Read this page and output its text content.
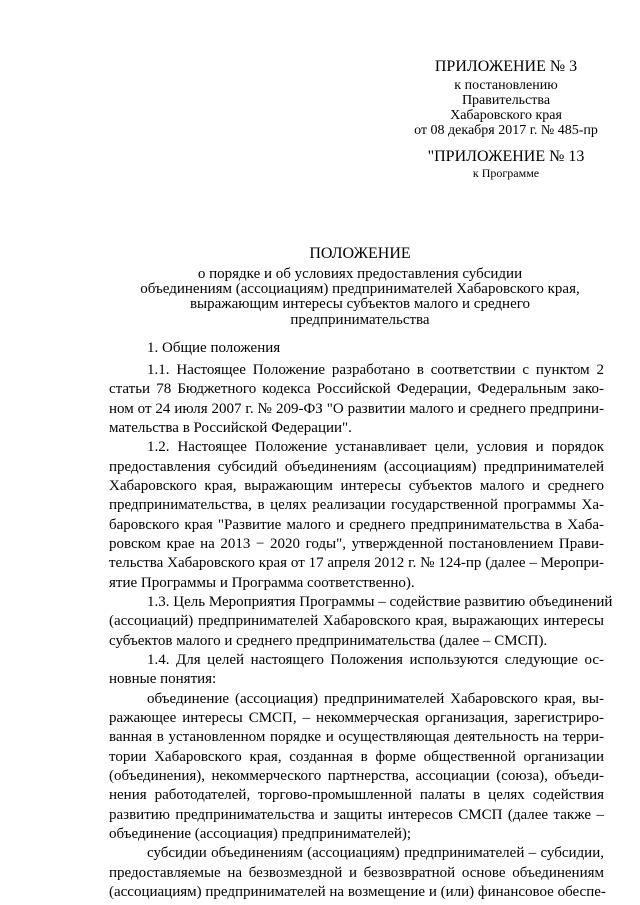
ПРИЛОЖЕНИЕ № 3
к постановлению
Правительства
Хабаровского края
от 08 декабря 2017 г. № 485-пр
"ПРИЛОЖЕНИЕ № 13
к Программе
ПОЛОЖЕНИЕ
о порядке и об условиях предоставления субсидии
объединениям (ассоциациям) предпринимателей Хабаровского края,
выражающим интересы субъектов малого и среднего предпринимательства
1. Общие положения
1.1. Настоящее Положение разработано в соответствии с пунктом 2
статьи 78 Бюджетного кодекса Российской Федерации, Федеральным зако-
ном от 24 июля 2007 г. № 209-ФЗ "О развитии малого и среднего предприни-
мательства в Российской Федерации".
1.2. Настоящее Положение устанавливает цели, условия и порядок
предоставления субсидий объединениям (ассоциациям) предпринимателей
Хабаровского края, выражающим интересы субъектов малого и среднего
предпринимательства, в целях реализации государственной программы Ха-
баровского края "Развитие малого и среднего предпринимательства в Хаба-
ровском крае на 2013 − 2020 годы", утвержденной постановлением Прави-
тельства Хабаровского края от 17 апреля 2012 г. № 124-пр (далее – Меропри-
ятие Программы и Программа соответственно).
1.3. Цель Мероприятия Программы – содействие развитию объединений
(ассоциаций) предпринимателей Хабаровского края, выражающих интересы
субъектов малого и среднего предпринимательства (далее – СМСП).
1.4. Для целей настоящего Положения используются следующие ос-
новные понятия:
объединение (ассоциация) предпринимателей Хабаровского края, вы-
ражающее интересы СМСП, – некоммерческая организация, зарегистриро-
ванная в установленном порядке и осуществляющая деятельность на терри-
тории Хабаровского края, созданная в форме общественной организации
(объединения), некоммерческого партнерства, ассоциации (союза), объеди-
нения работодателей, торгово-промышленной палаты в целях содействия
развитию предпринимательства и защиты интересов СМСП (далее также –
объединение (ассоциация) предпринимателей);
субсидии объединениям (ассоциациям) предпринимателей – субсидии,
предоставляемые на безвозмездной и безвозвратной основе объединениям
(ассоциациям) предпринимателей на возмещение и (или) финансовое обеспе-
